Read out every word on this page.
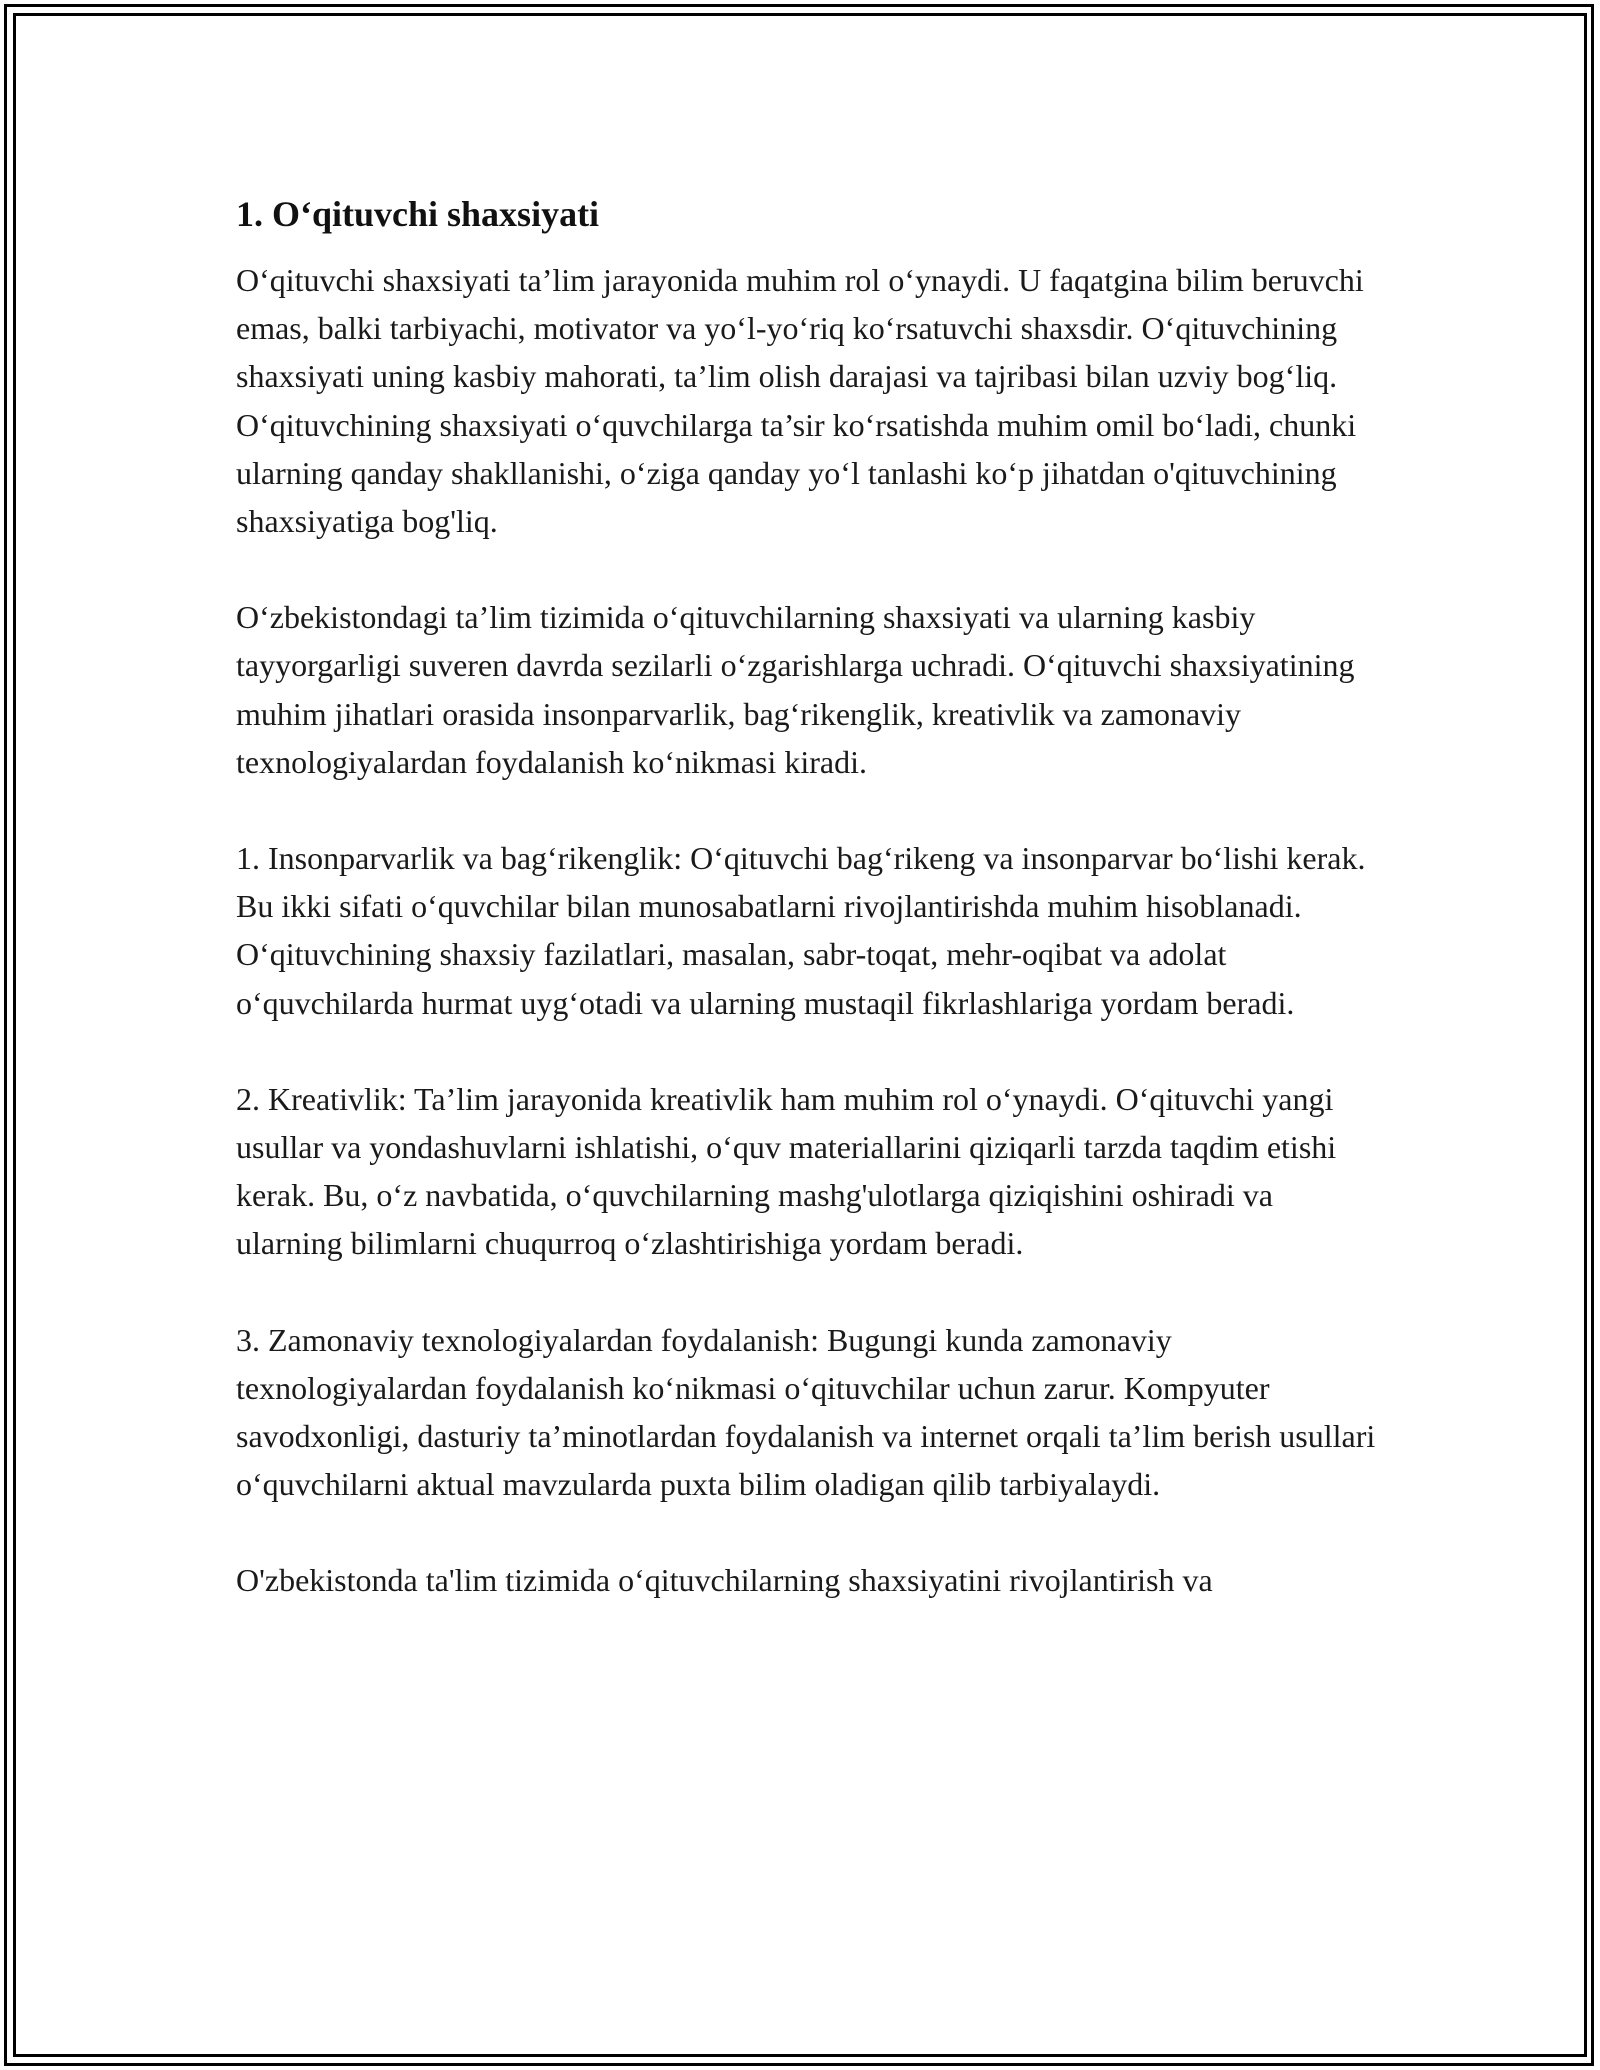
1. O‘qituvchi shaxsiyati

O‘qituvchi shaxsiyati ta’lim jarayonida muhim rol o‘ynaydi. U faqatgina bilim beruvchi emas, balki tarbiyachi, motivator va yo‘l-yo‘riq ko‘rsatuvchi shaxsdir. O‘qituvchining shaxsiyati uning kasbiy mahorati, ta’lim olish darajasi va tajribasi bilan uzviy bog‘liq. O‘qituvchining shaxsiyati o‘quvchilarga ta’sir ko‘rsatishda muhim omil bo‘ladi, chunki ularning qanday shakllanishi, o‘ziga qanday yo‘l tanlashi ko‘p jihatdan o'qituvchining shaxsiyatiga bog'liq.

O‘zbekistondagi ta’lim tizimida o‘qituvchilarning shaxsiyati va ularning kasbiy tayyorgarligi suveren davrda sezilarli o‘zgarishlarga uchradi. O‘qituvchi shaxsiyatining muhim jihatlari orasida insonparvarlik, bag‘rikenglik, kreativlik va zamonaviy texnologiyalardan foydalanish ko‘nikmasi kiradi.

1. Insonparvarlik va bag‘rikenglik: O‘qituvchi bag‘rikeng va insonparvar bo‘lishi kerak. Bu ikki sifati o‘quvchilar bilan munosabatlarni rivojlantirishda muhim hisoblanadi. O‘qituvchining shaxsiy fazilatlari, masalan, sabr-toqat, mehr-oqibat va adolat o‘quvchilarda hurmat uyg‘otadi va ularning mustaqil fikrlashlariga yordam beradi.

2. Kreativlik: Ta’lim jarayonida kreativlik ham muhim rol o‘ynaydi. O‘qituvchi yangi usullar va yondashuvlarni ishlatishi, o‘quv materiallarini qiziqarli tarzda taqdim etishi kerak. Bu, o‘z navbatida, o‘quvchilarning mashg'ulotlarga qiziqishini oshiradi va ularning bilimlarni chuqurroq o‘zlashtirishiga yordam beradi.

3. Zamonaviy texnologiyalardan foydalanish: Bugungi kunda zamonaviy texnologiyalardan foydalanish ko‘nikmasi o‘qituvchilar uchun zarur. Kompyuter savodxonligi, dasturiy ta’minotlardan foydalanish va internet orqali ta’lim berish usullari o‘quvchilarni aktual mavzularda puxta bilim oladigan qilib tarbiyalaydi.

O'zbekistonda ta'lim tizimida o‘qituvchilarning shaxsiyatini rivojlantirish va
